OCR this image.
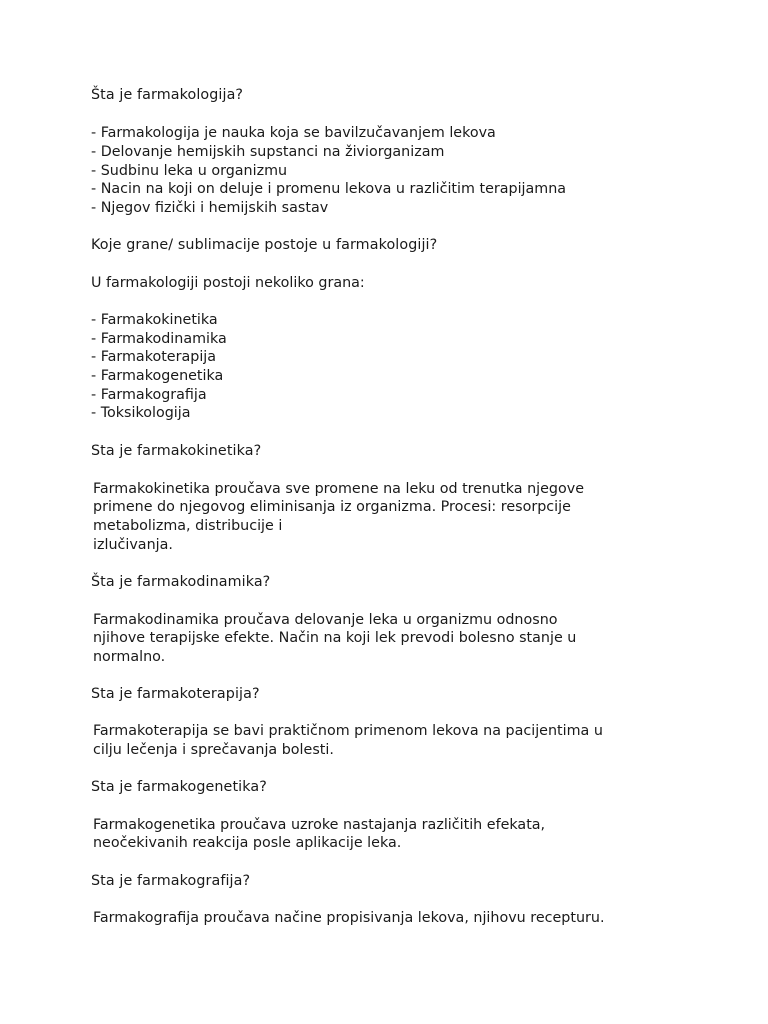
Šta je farmakologija?
- Farmakologija je nauka koja se bavilzučavanjem lekova
- Delovanje hemijskih supstanci na živiorganizam
- Sudbinu leka u organizmu
- Nacin na koji on deluje i promenu lekova u različitim terapijamna
- Njegov fizički i hemijskih sastav
Koje grane/ sublimacije postoje u farmakologiji?
U farmakologiji postoji nekoliko grana:
- Farmakokinetika
- Farmakodinamika
- Farmakoterapija
- Farmakogenetika
- Farmakografija
- Toksikologija
Sta je farmakokinetika?
Farmakokinetika proučava sve promene na leku od trenutka njegove
primene do njegovog eliminisanja iz organizma. Procesi: resorpcije
metabolizma, distribucije i
izlučivanja.
Šta je farmakodinamika?
Farmakodinamika proučava delovanje leka u organizmu odnosno
njihove terapijske efekte. Način na koji lek prevodi bolesno stanje u
normalno.
Sta je farmakoterapija?
Farmakoterapija se bavi praktičnom primenom lekova na pacijentima u
cilju lečenja i sprečavanja bolesti.
Sta je farmakogenetika?
Farmakogenetika proučava uzroke nastajanja različitih efekata,
neočekivanih reakcija posle aplikacije leka.
Sta je farmakografija?
Farmakografija proučava načine propisivanja lekova, njihovu recepturu.
